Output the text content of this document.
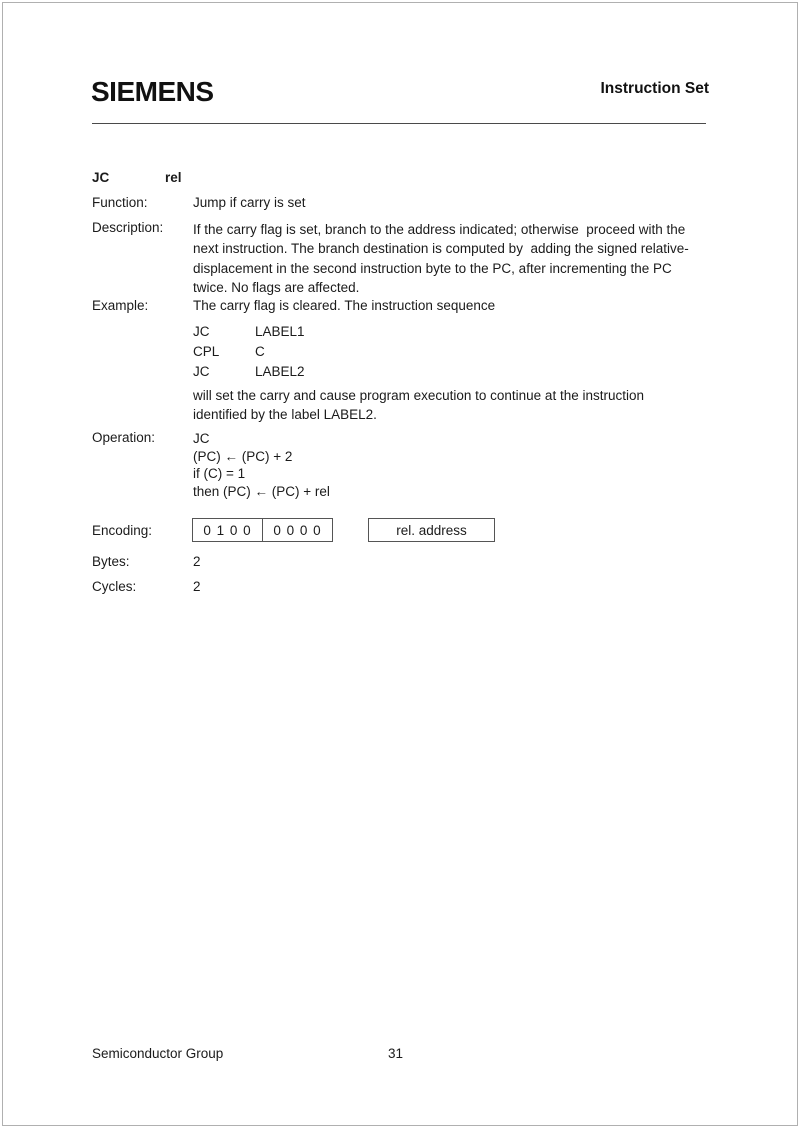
SIEMENS	Instruction Set
JC	rel
Function:	Jump if carry is set
Description:	If the carry flag is set, branch to the address indicated; otherwise  proceed with the
next instruction. The branch destination is computed by  adding the signed relative-
displacement in the second instruction byte to the PC, after incrementing the PC
twice. No flags are affected.
Example:	The carry flag is cleared. The instruction sequence
JC	LABEL1
CPL	C
JC	LABEL2
will set the carry and cause program execution to continue at the instruction
identified by the label LABEL2.
Operation:	JC
(PC) ← (PC) + 2
if (C) = 1
then (PC) ← (PC) + rel
Encoding:	0 1 0 0	0 0 0 0	rel. address
Bytes:	2
Cycles:	2
Semiconductor Group	31
